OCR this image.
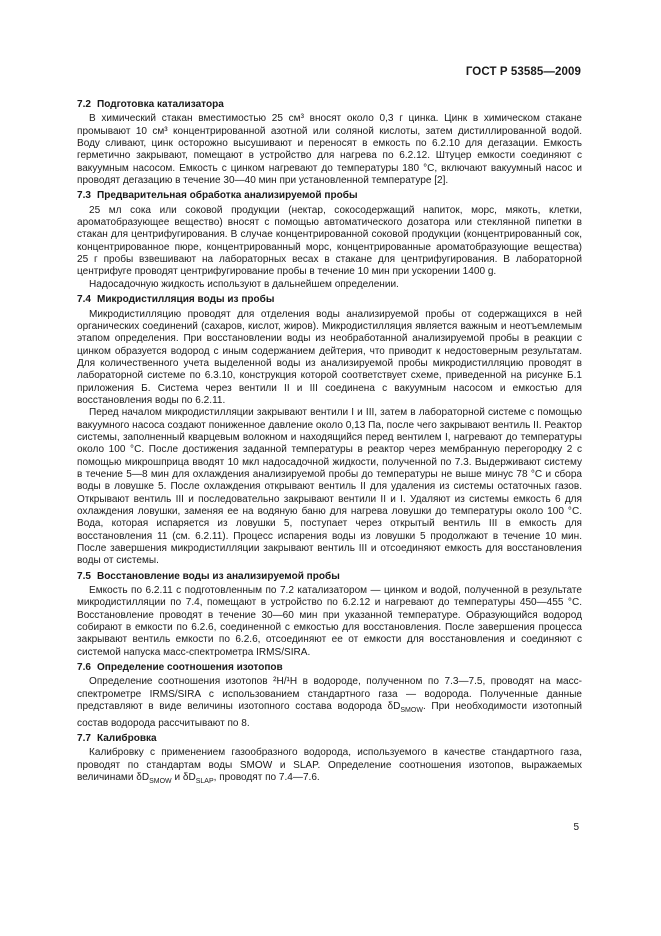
ГОСТ Р 53585—2009
7.2 Подготовка катализатора

В химический стакан вместимостью 25 см³ вносят около 0,3 г цинка. Цинк в химическом стакане промывают 10 см³ концентрированной азотной или соляной кислоты, затем дистиллированной водой. Воду сливают, цинк осторожно высушивают и переносят в емкость по 6.2.10 для дегазации. Емкость герметично закрывают, помещают в устройство для нагрева по 6.2.12. Штуцер емкости соединяют с вакуумным насосом. Емкость с цинком нагревают до температуры 180 °С, включают вакуумный насос и проводят дегазацию в течение 30—40 мин при установленной температуре [2].

7.3 Предварительная обработка анализируемой пробы

25 мл сока или соковой продукции (нектар, сокосодержащий напиток, морс, мякоть, клетки, ароматобразующее вещество) вносят с помощью автоматического дозатора или стеклянной пипетки в стакан для центрифугирования. В случае концентрированной соковой продукции (концентрированный сок, концентрированное пюре, концентрированный морс, концентрированные ароматобразующие вещества) 25 г пробы взвешивают на лабораторных весах в стакане для центрифугирования. В лабораторной центрифуге проводят центрифугирование пробы в течение 10 мин при ускорении 1400 g.

Надосадочную жидкость используют в дальнейшем определении.

7.4 Микродистилляция воды из пробы

Микродистилляцию проводят для отделения воды анализируемой пробы от содержащихся в ней органических соединений (сахаров, кислот, жиров). Микродистилляция является важным и неотъемлемым этапом определения. При восстановлении воды из необработанной анализируемой пробы в реакции с цинком образуется водород с иным содержанием дейтерия, что приводит к недостоверным результатам. Для количественного учета выделенной воды из анализируемой пробы микродистилляцию проводят в лабораторной системе по 6.3.10, конструкция которой соответствует схеме, приведенной на рисунке Б.1 приложения Б. Система через вентили II и III соединена с вакуумным насосом и емкостью для восстановления воды по 6.2.11.

Перед началом микродистилляции закрывают вентили I и III, затем в лабораторной системе с помощью вакуумного насоса создают пониженное давление около 0,13 Па, после чего закрывают вентиль II. Реактор системы, заполненный кварцевым волокном и находящийся перед вентилем I, нагревают до температуры около 100 °С. После достижения заданной температуры в реактор через мембранную перегородку 2 с помощью микрошприца вводят 10 мкл надосадочной жидкости, полученной по 7.3. Выдерживают систему в течение 5—8 мин для охлаждения анализируемой пробы до температуры не выше минус 78 °С и сбора воды в ловушке 5. После охлаждения открывают вентиль II для удаления из системы остаточных газов. Открывают вентиль III и последовательно закрывают вентили II и I. Удаляют из системы емкость 6 для охлаждения ловушки, заменяя ее на водяную баню для нагрева ловушки до температуры около 100 °С. Вода, которая испаряется из ловушки 5, поступает через открытый вентиль III в емкость для восстановления 11 (см. 6.2.11). Процесс испарения воды из ловушки 5 продолжают в течение 10 мин. После завершения микродистилляции закрывают вентиль III и отсоединяют емкость для восстановления воды от системы.

7.5 Восстановление воды из анализируемой пробы

Емкость по 6.2.11 с подготовленным по 7.2 катализатором — цинком и водой, полученной в результате микродистилляции по 7.4, помещают в устройство по 6.2.12 и нагревают до температуры 450—455 °С. Восстановление проводят в течение 30—60 мин при указанной температуре. Образующийся водород собирают в емкости по 6.2.6, соединенной с емкостью для восстановления. После завершения процесса закрывают вентиль емкости по 6.2.6, отсоединяют ее от емкости для восстановления и соединяют с системой напуска масс-спектрометра IRMS/SIRA.

7.6 Определение соотношения изотопов

Определение соотношения изотопов ²H/¹H в водороде, полученном по 7.3—7.5, проводят на масс-спектрометре IRMS/SIRA с использованием стандартного газа — водорода. Полученные данные представляют в виде величины изотопного состава водорода $\delta D_{SMOW}$. При необходимости изотопный состав водорода рассчитывают по 8.

7.7 Калибровка

Калибровку с применением газообразного водорода, используемого в качестве стандартного газа, проводят по стандартам воды SMOW и SLAP. Определение соотношения изотопов, выражаемых величинами $\delta D_{SMOW}$ и $\delta D_{SLAP}$, проводят по 7.4—7.6.

5
